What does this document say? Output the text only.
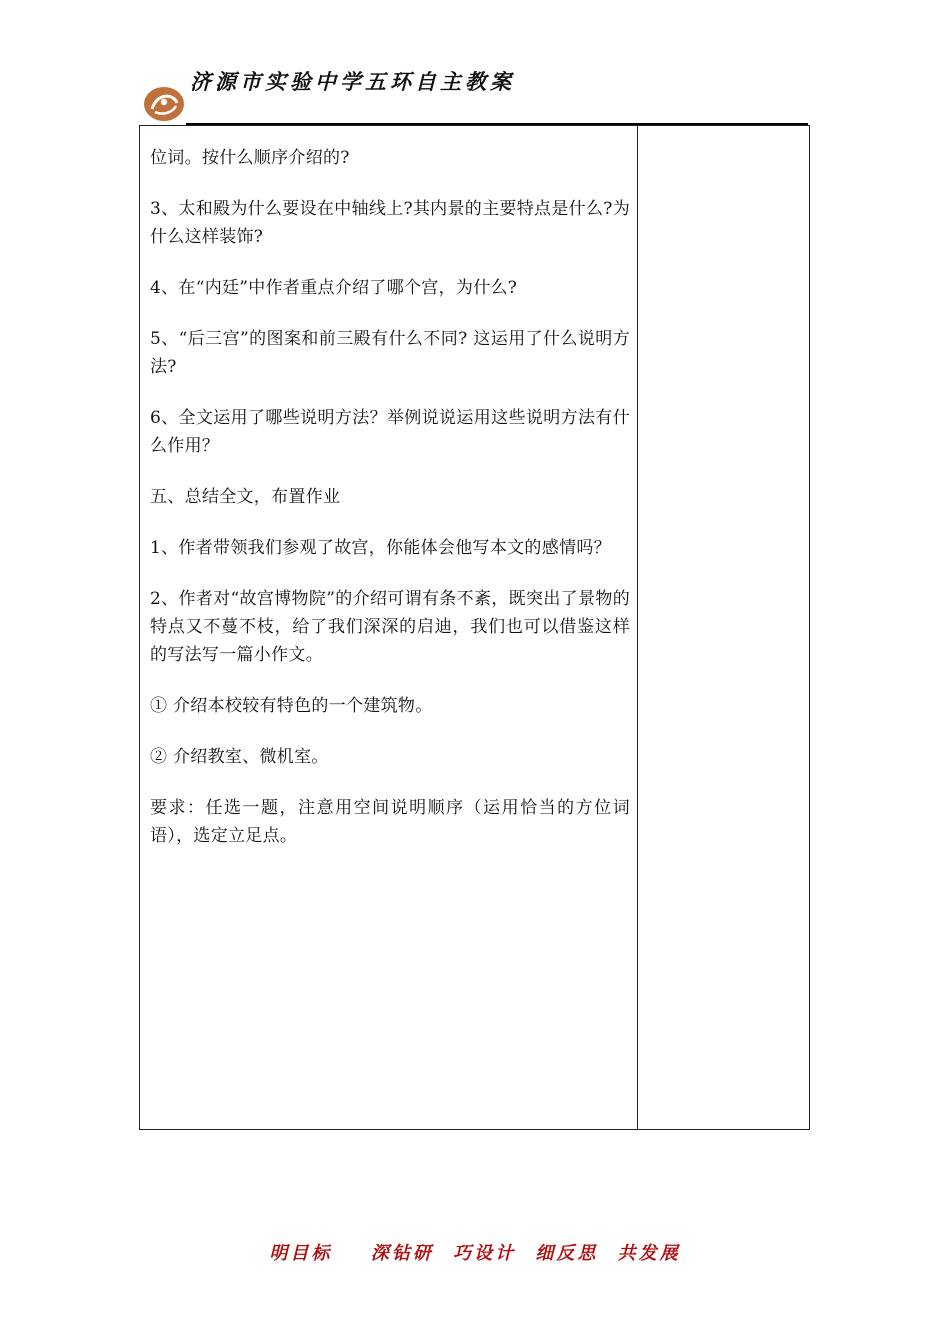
济源市实验中学五环自主教案

位词。按什么顺序介绍的?

3、太和殿为什么要设在中轴线上?其内景的主要特点是什么?为什么这样装饰?

4、在“内廷”中作者重点介绍了哪个宫，为什么?

5、“后三宫”的图案和前三殿有什么不同? 这运用了什么说明方法?

6、全文运用了哪些说明方法？举例说说运用这些说明方法有什么作用？

五、总结全文，布置作业

1、作者带领我们参观了故宫，你能体会他写本文的感情吗？

2、作者对“故宫博物院”的介绍可谓有条不紊，既突出了景物的特点又不蔓不枝，给了我们深深的启迪，我们也可以借鉴这样的写法写一篇小作文。

① 介绍本校较有特色的一个建筑物。

② 介绍教室、微机室。

要求：任选一题，注意用空间说明顺序（运用恰当的方位词语），选定立足点。

明目标  深钻研 巧设计 细反思 共发展
